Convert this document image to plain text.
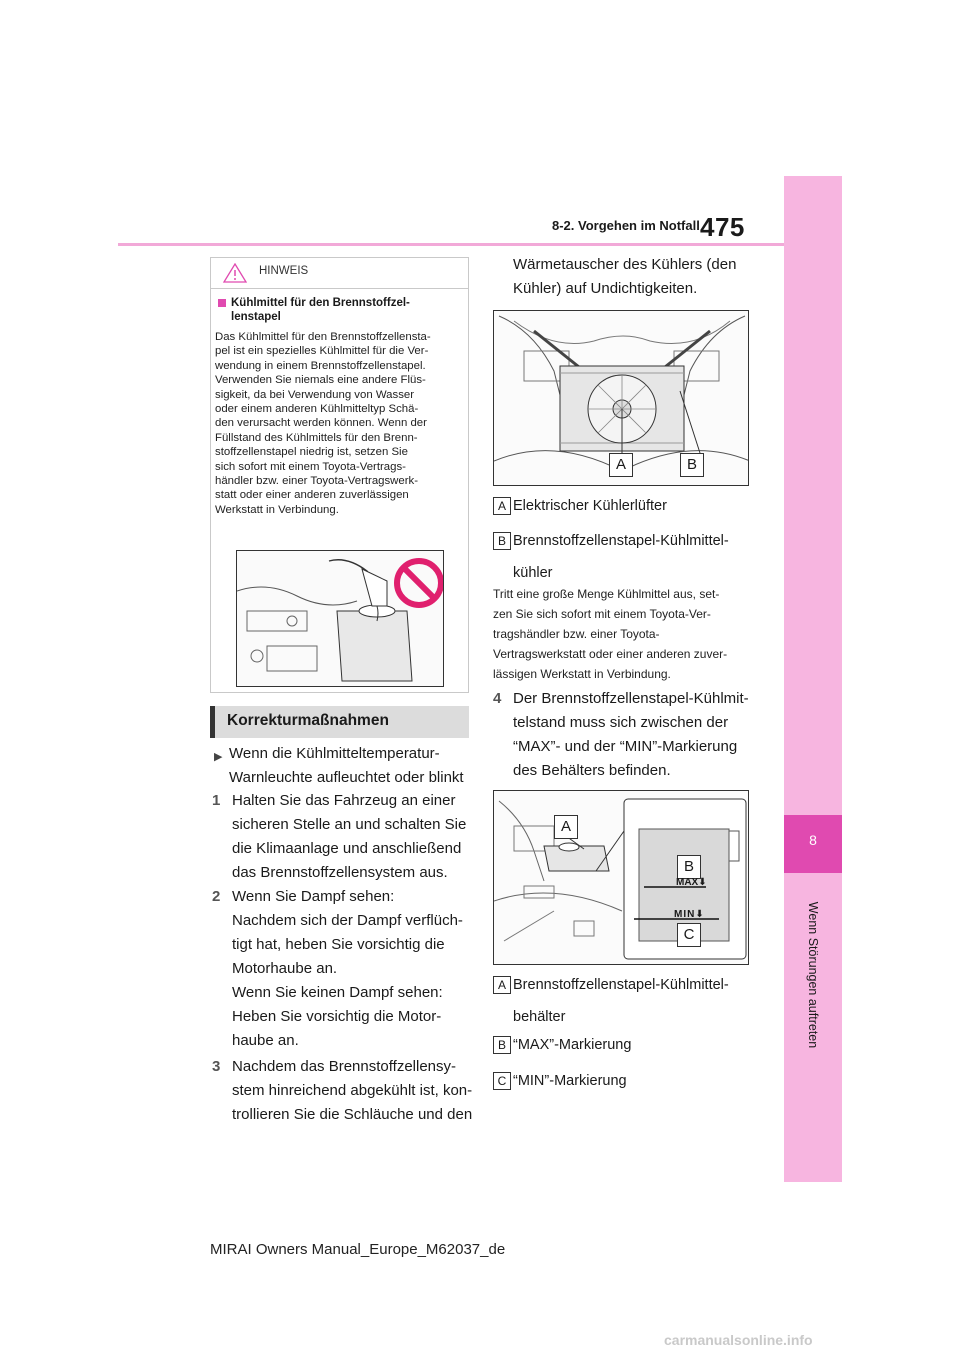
8-2. Vorgehen im Notfall 475
8
Wenn Störungen auftreten
HINWEIS
Kühlmittel für den Brennstoffzel-
lenstapel
Das Kühlmittel für den Brennstoffzellensta-
pel ist ein spezielles Kühlmittel für die Ver-
wendung in einem Brennstoffzellenstapel.
Verwenden Sie niemals eine andere Flüs-
sigkeit, da bei Verwendung von Wasser
oder einem anderen Kühlmitteltyp Schä-
den verursacht werden können. Wenn der
Füllstand des Kühlmittels für den Brenn-
stoffzellenstapel niedrig ist, setzen Sie
sich sofort mit einem Toyota-Vertrags-
händler bzw. einer Toyota-Vertragswerk-
statt oder einer anderen zuverlässigen
Werkstatt in Verbindung.
Korrekturmaßnahmen
▶ Wenn die Kühlmitteltemperatur-
Warnleuchte aufleuchtet oder blinkt
1 Halten Sie das Fahrzeug an einer
sicheren Stelle an und schalten Sie
die Klimaanlage und anschließend
das Brennstoffzellensystem aus.
2 Wenn Sie Dampf sehen:
Nachdem sich der Dampf verflüch-
tigt hat, heben Sie vorsichtig die
Motorhaube an.
Wenn Sie keinen Dampf sehen:
Heben Sie vorsichtig die Motor-
haube an.
3 Nachdem das Brennstoffzellensy-
stem hinreichend abgekühlt ist, kon-
trollieren Sie die Schläuche und den
Wärmetauscher des Kühlers (den
Kühler) auf Undichtigkeiten.
A	B
A Elektrischer Kühlerlüfter
B Brennstoffzellenstapel-Kühlmittel-
kühler
Tritt eine große Menge Kühlmittel aus, set-
zen Sie sich sofort mit einem Toyota-Ver-
tragshändler bzw. einer Toyota-
Vertragswerkstatt oder einer anderen zuver-
lässigen Werkstatt in Verbindung.
4 Der Brennstoffzellenstapel-Kühlmit-
telstand muss sich zwischen der
“MAX”- und der “MIN”-Markierung
des Behälters befinden.
A
B
C
MAX⬇
MIN⬇
A Brennstoffzellenstapel-Kühlmittel-
behälter
B “MAX”-Markierung
C “MIN”-Markierung
MIRAI Owners Manual_Europe_M62037_de
carmanualsonline.info
